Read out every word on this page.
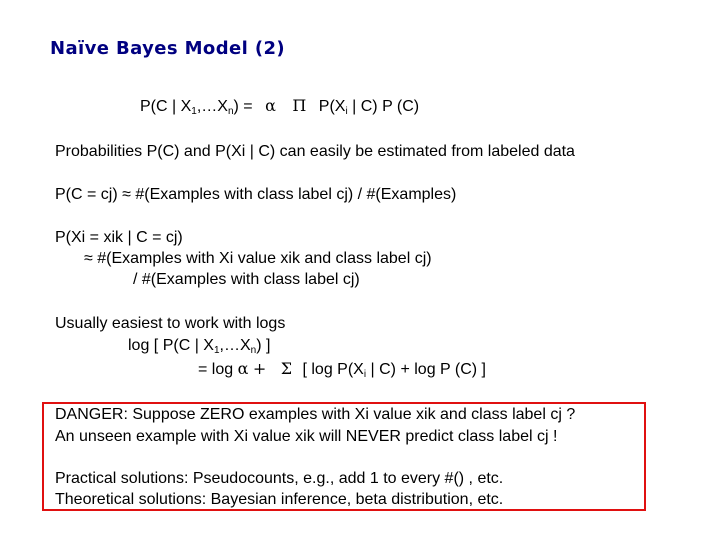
Naïve Bayes Model (2)
P(C | $X_1,\dots X_n) = \alpha$ Π $P(X_i$ | C) P (C)
Probabilities P(C) and P(Xi | C) can easily be estimated from labeled data
P(C = cj) ≈ #(Examples with class label cj) / #(Examples)
P(Xi = xik | C = cj)
≈ #(Examples with Xi value xik and class label cj)
/ #(Examples with class label cj)
Usually easiest to work with logs
log [ P(C | $X_1,\dots X_n$) ]
= log α + Σ [ $\log P(X_i$ | C) + log P (C) ]
DANGER: Suppose ZERO examples with Xi value xik and class label cj ?
An unseen example with Xi value xik will NEVER predict class label cj !
Practical solutions: Pseudocounts, e.g., add 1 to every #() , etc.
Theoretical solutions: Bayesian inference, beta distribution, etc.
